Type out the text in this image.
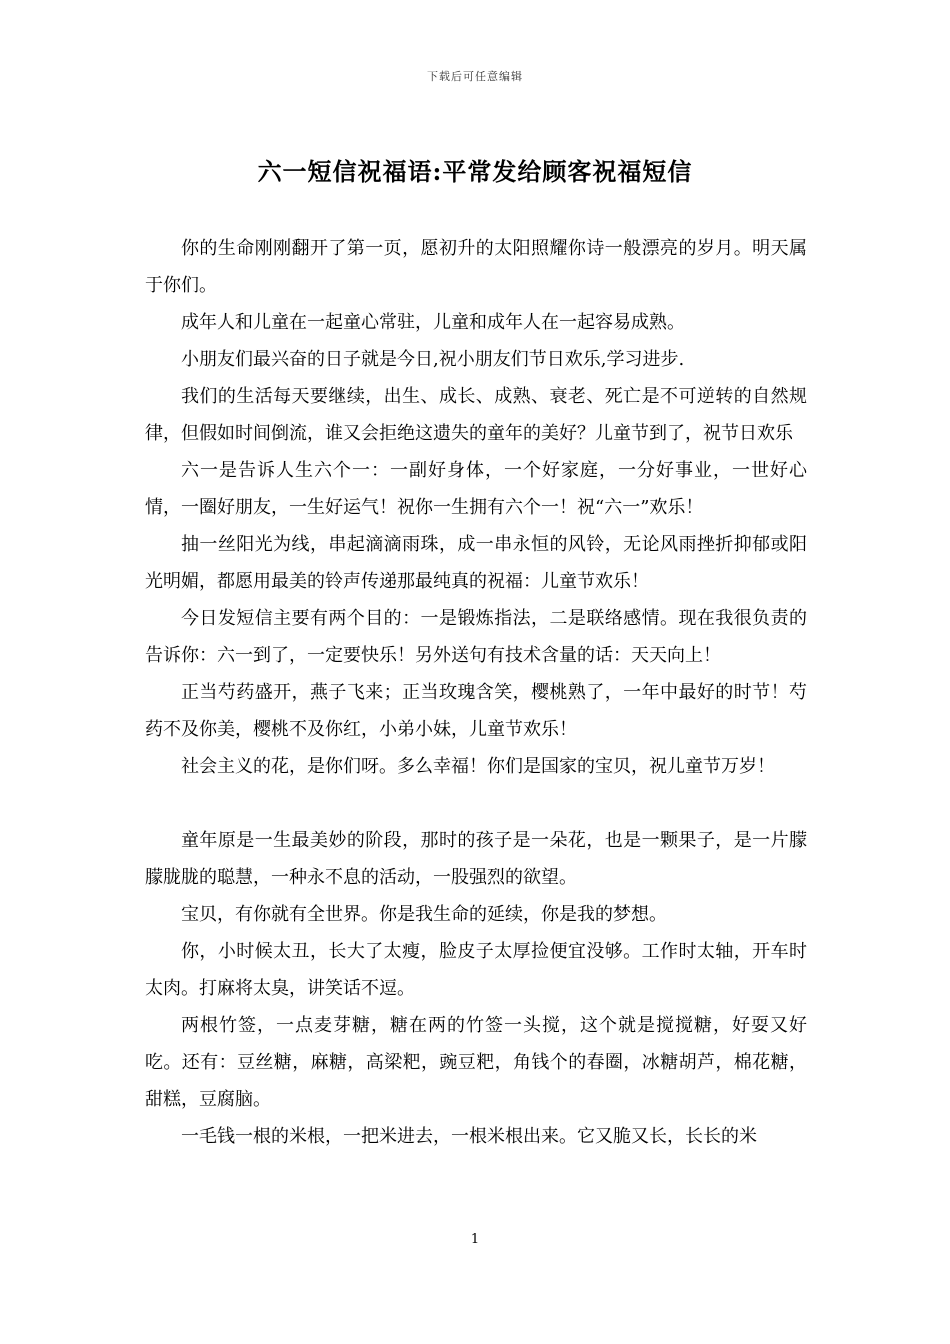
下载后可任意编辑
六一短信祝福语:平常发给顾客祝福短信

你的生命刚刚翻开了第一页，愿初升的太阳照耀你诗一般漂亮的岁月。明天属于你们。

成年人和儿童在一起童心常驻，儿童和成年人在一起容易成熟。

小朋友们最兴奋的日子就是今日,祝小朋友们节日欢乐,学习进步.

我们的生活每天要继续，出生、成长、成熟、衰老、死亡是不可逆转的自然规律，但假如时间倒流，谁又会拒绝这遗失的童年的美好？儿童节到了，祝节日欢乐

六一是告诉人生六个一：一副好身体，一个好家庭，一分好事业，一世好心情，一圈好朋友，一生好运气！祝你一生拥有六个一！祝“六一”欢乐！

抽一丝阳光为线，串起滴滴雨珠，成一串永恒的风铃，无论风雨挫折抑郁或阳光明媚，都愿用最美的铃声传递那最纯真的祝福：儿童节欢乐！

今日发短信主要有两个目的：一是锻炼指法，二是联络感情。现在我很负责的告诉你：六一到了，一定要快乐！另外送句有技术含量的话：天天向上！

正当芍药盛开，燕子飞来；正当玫瑰含笑，樱桃熟了，一年中最好的时节！芍药不及你美，樱桃不及你红，小弟小妹，儿童节欢乐！

社会主义的花，是你们呀。多么幸福！你们是国家的宝贝，祝儿童节万岁！

童年原是一生最美妙的阶段，那时的孩子是一朵花，也是一颗果子，是一片朦朦胧胧的聪慧，一种永不息的活动，一股强烈的欲望。

宝贝，有你就有全世界。你是我生命的延续，你是我的梦想。

你，小时候太丑，长大了太瘦，脸皮子太厚捡便宜没够。工作时太轴，开车时太肉。打麻将太臭，讲笑话不逗。

两根竹签，一点麦芽糖，糖在两的竹签一头搅，这个就是搅搅糖，好耍又好吃。还有：豆丝糖，麻糖，高梁粑，豌豆粑，角钱个的春圈，冰糖胡芦，棉花糖，甜糕，豆腐脑。

一毛钱一根的米根，一把米进去，一根米根出来。它又脆又长，长长的米

1
